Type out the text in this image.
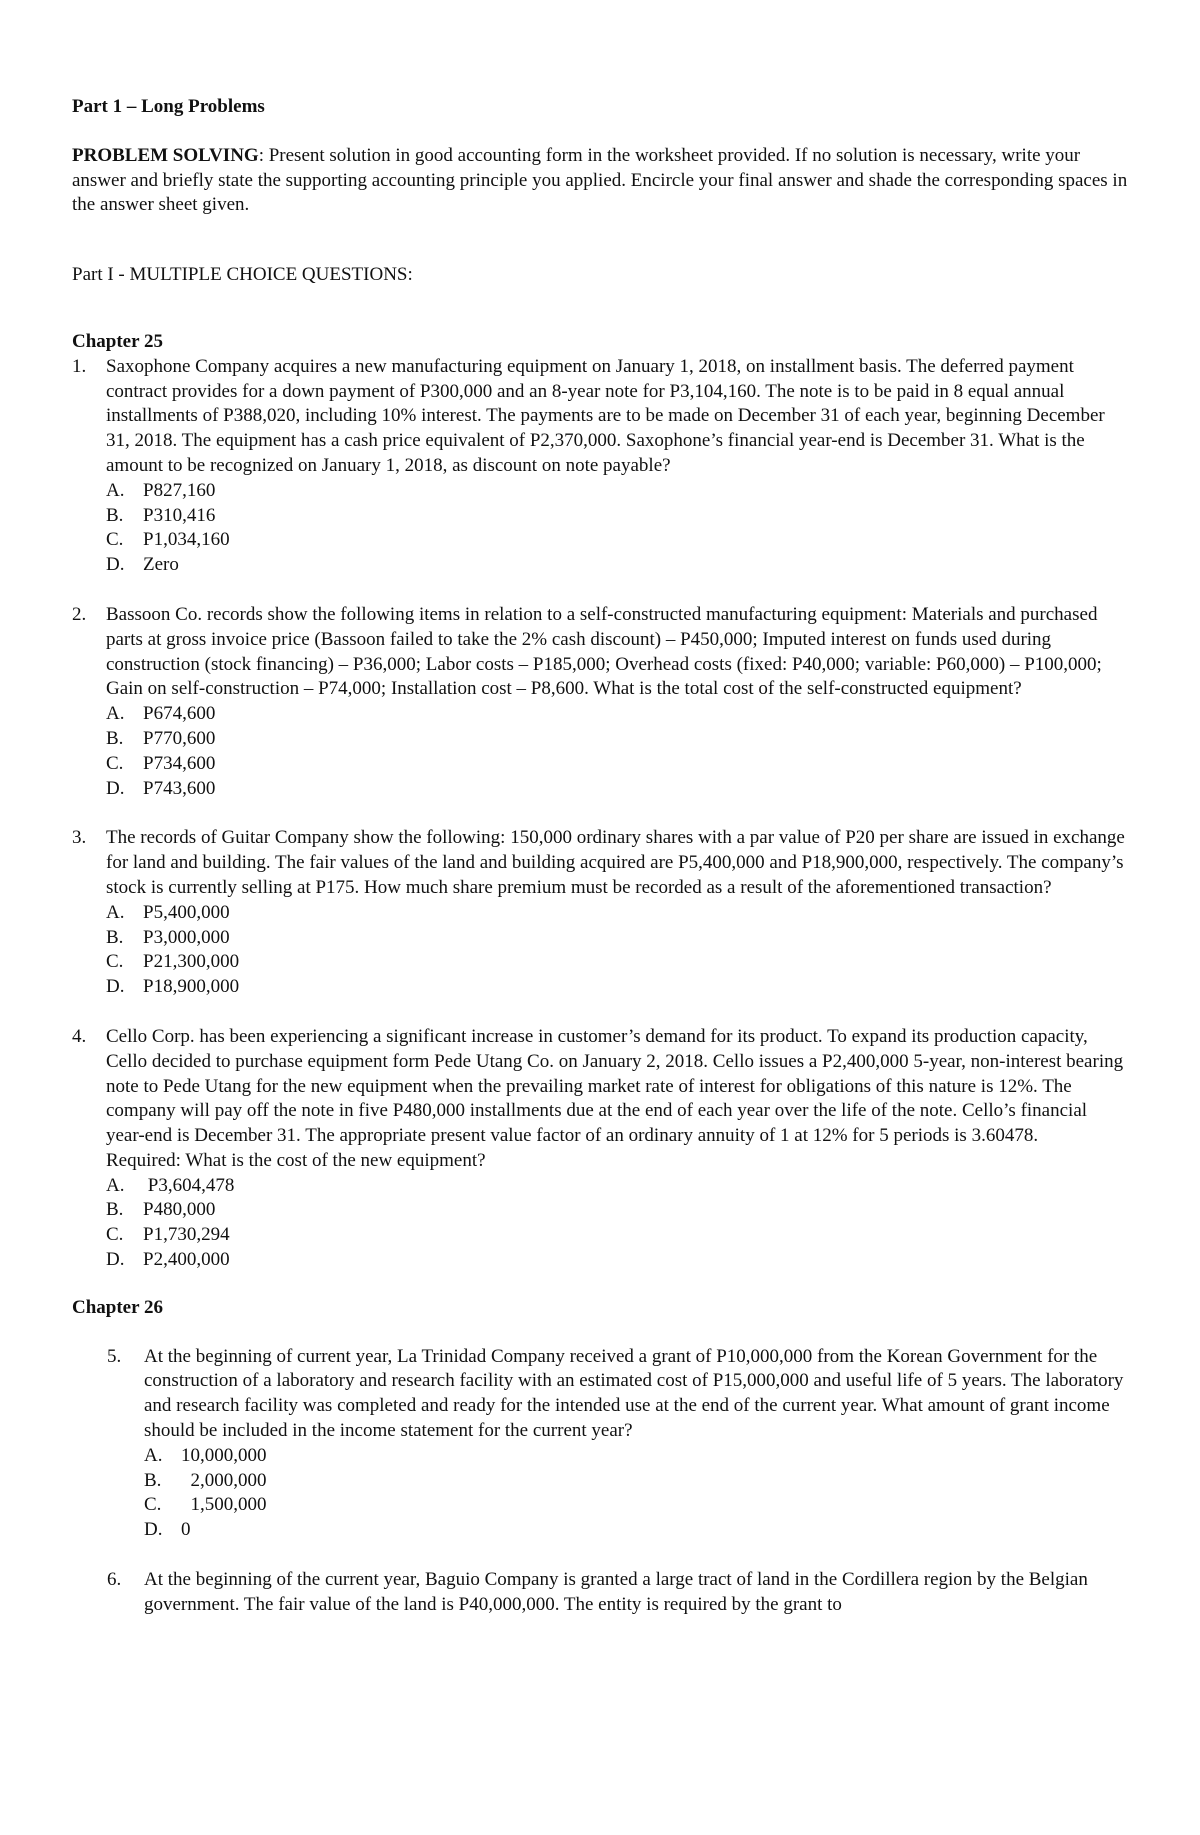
Part 1 – Long Problems

PROBLEM SOLVING: Present solution in good accounting form in the worksheet provided. If no solution is necessary, write your answer and briefly state the supporting accounting principle you applied. Encircle your final answer and shade the corresponding spaces in the answer sheet given.

Part I - MULTIPLE CHOICE QUESTIONS:

Chapter 25

1. Saxophone Company acquires a new manufacturing equipment on January 1, 2018, on installment basis. The deferred payment contract provides for a down payment of P300,000 and an 8-year note for P3,104,160. The note is to be paid in 8 equal annual installments of P388,020, including 10% interest. The payments are to be made on December 31 of each year, beginning December 31, 2018. The equipment has a cash price equivalent of P2,370,000. Saxophone’s financial year-end is December 31. What is the amount to be recognized on January 1, 2018, as discount on note payable?

A. P827,160
B. P310,416
C. P1,034,160
D. Zero
2. Bassoon Co. records show the following items in relation to a self-constructed manufacturing equipment: Materials and purchased parts at gross invoice price (Bassoon failed to take the 2% cash discount) – P450,000; Imputed interest on funds used during construction (stock financing) – P36,000; Labor costs – P185,000; Overhead costs (fixed: P40,000; variable: P60,000) – P100,000; Gain on self-construction – P74,000; Installation cost – P8,600. What is the total cost of the self-constructed equipment?

A. P674,600
B. P770,600
C. P734,600
D. P743,600
3. The records of Guitar Company show the following: 150,000 ordinary shares with a par value of P20 per share are issued in exchange for land and building. The fair values of the land and building acquired are P5,400,000 and P18,900,000, respectively. The company’s stock is currently selling at P175. How much share premium must be recorded as a result of the aforementioned transaction?

A. P5,400,000
B. P3,000,000
C. P21,300,000
D. P18,900,000
4. Cello Corp. has been experiencing a significant increase in customer’s demand for its product. To expand its production capacity, Cello decided to purchase equipment form Pede Utang Co. on January 2, 2018. Cello issues a P2,400,000 5-year, non-interest bearing note to Pede Utang for the new equipment when the prevailing market rate of interest for obligations of this nature is 12%. The company will pay off the note in five P480,000 installments due at the end of each year over the life of the note. Cello’s financial year-end is December 31. The appropriate present value factor of an ordinary annuity of 1 at 12% for 5 periods is 3.60478.

Required: What is the cost of the new equipment?

A. P3,604,478
B. P480,000
C. P1,730,294
D. P2,400,000

Chapter 26

5. At the beginning of current year, La Trinidad Company received a grant of P10,000,000 from the Korean Government for the construction of a laboratory and research facility with an estimated cost of P15,000,000 and useful life of 5 years. The laboratory and research facility was completed and ready for the intended use at the end of the current year. What amount of grant income should be included in the income statement for the current year?

A. 10,000,000
B. 2,000,000
C. 1,500,000
D. 0
6. At the beginning of the current year, Baguio Company is granted a large tract of land in the Cordillera region by the Belgian government. The fair value of the land is P40,000,000. The entity is required by the grant to
